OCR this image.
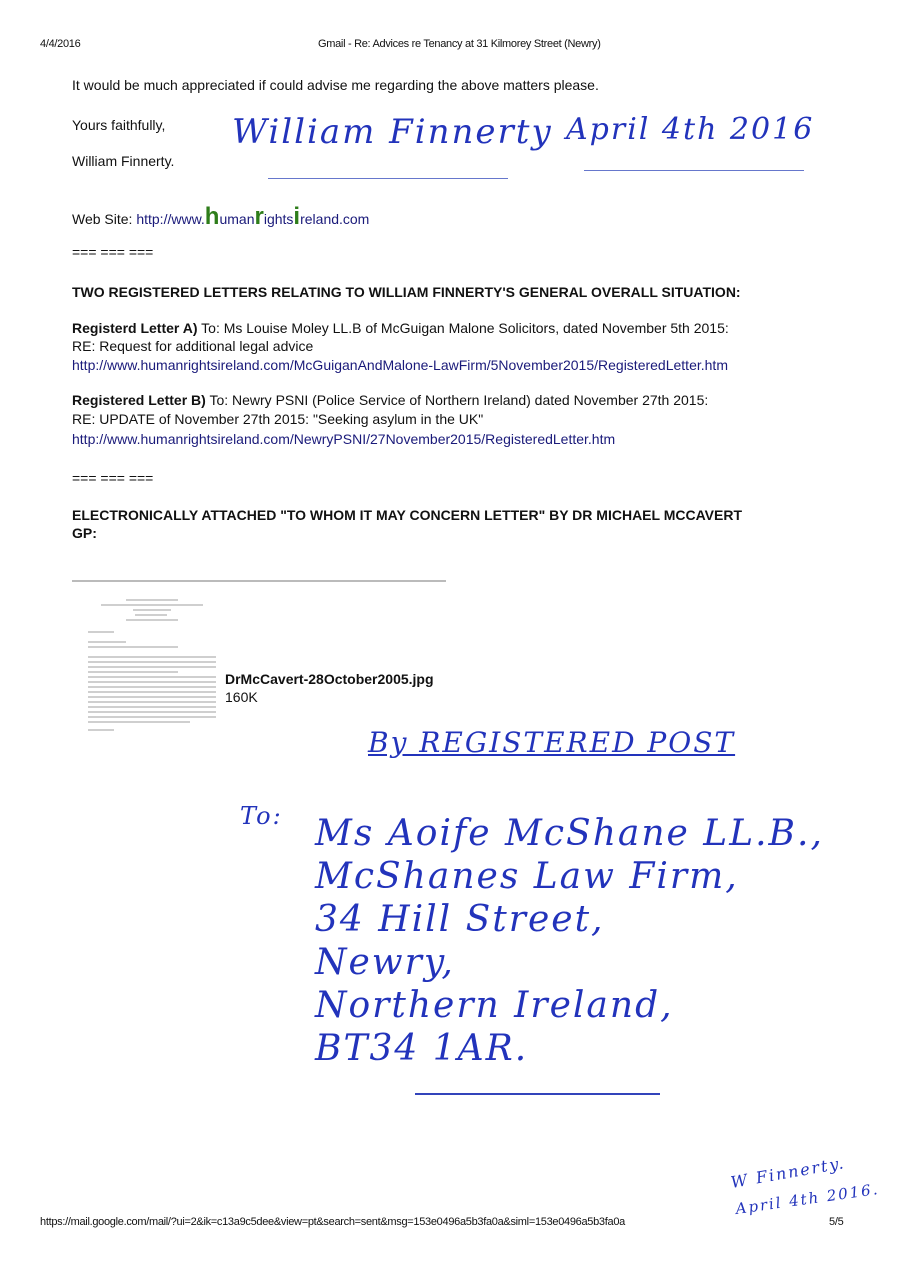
4/4/2016	Gmail - Re: Advices re Tenancy at 31 Kilmorey Street (Newry)
It would be much appreciated if could advise me regarding the above matters please.
Yours faithfully,
William Finnerty.
William Finnerty April 4th 2016
Web Site: http://www.humanrightsireland.com
=== === ===
TWO REGISTERED LETTERS RELATING TO WILLIAM FINNERTY'S GENERAL OVERALL SITUATION:
Registerd Letter A) To: Ms Louise Moley LL.B of McGuigan Malone Solicitors, dated November 5th 2015:
RE: Request for additional legal advice
http://www.humanrightsireland.com/McGuiganAndMalone-LawFirm/5November2015/RegisteredLetter.htm
Registered Letter B) To: Newry PSNI (Police Service of Northern Ireland) dated November 27th 2015:
RE: UPDATE of November 27th 2015: "Seeking asylum in the UK"
http://www.humanrightsireland.com/NewryPSNI/27November2015/RegisteredLetter.htm
=== === ===
ELECTRONICALLY ATTACHED "TO WHOM IT MAY CONCERN LETTER" BY DR MICHAEL MCCAVERT
GP:
DrMcCavert-28October2005.jpg
160K
By REGISTERED POST
To: Ms Aoife McShane LL.B.,
McShanes Law Firm,
34 Hill Street,
Newry,
Northern Ireland,
BT34 1AR.
W Finnerty.
April 4th 2016.
https://mail.google.com/mail/?ui=2&ik=c13a9c5dee&view=pt&search=sent&msg=153e0496a5b3fa0a&siml=153e0496a5b3fa0a	5/5
